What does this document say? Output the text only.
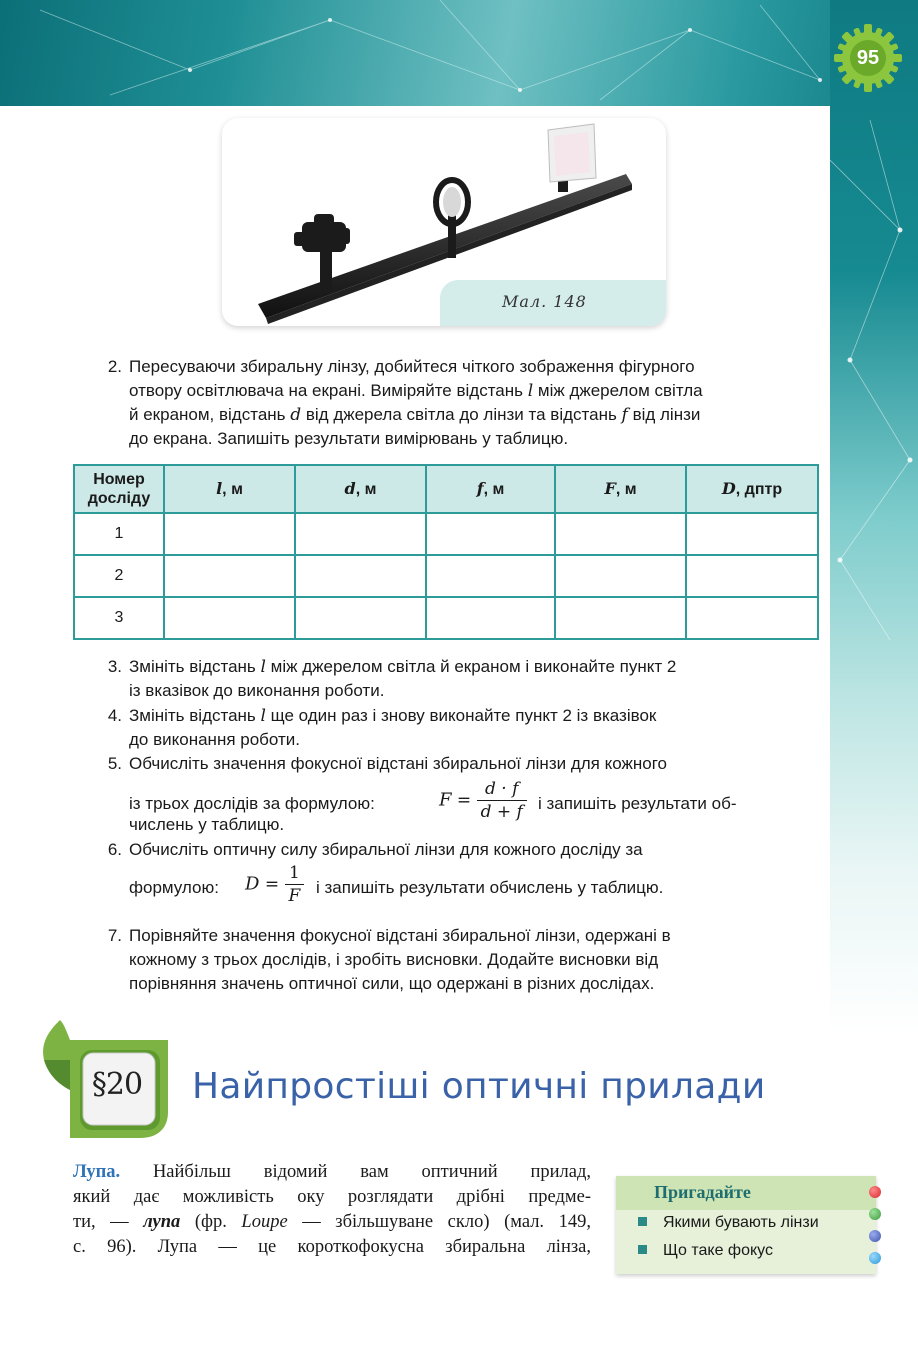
95
Мал. 148
2. Пересуваючи збиральну лінзу, добийтеся чіткого зображення фігурного
отвору освітлювача на екрані. Виміряйте відстань l між джерелом світла
й екраном, відстань d від джерела світла до лінзи та відстань f від лінзи
до екрана. Запишіть результати вимірювань у таблицю.
Номер досліду	l, м	d, м	f, м	F, м	D, дптр
1					
2					
3					
3. Змініть відстань l між джерелом світла й екраном і виконайте пункт 2
із вказівок до виконання роботи.
4. Змініть відстань l ще один раз і знову виконайте пункт 2 із вказівок
до виконання роботи.
5. Обчисліть значення фокусної відстані збиральної лінзи для кожного
із трьох дослідів за формулою:	$F = \frac{d \cdot f}{d + f}$ і запишіть результати об-
числень у таблицю.
6. Обчисліть оптичну силу збиральної лінзи для кожного досліду за
формулою: $D = \frac{1}{F}$ і запишіть результати обчислень у таблицю.
7. Порівняйте значення фокусної відстані збиральної лінзи, одержані в
кожному з трьох дослідів, і зробіть висновки. Додайте висновки від
порівняння значень оптичної сили, що одержані в різних дослідах.
§20 Найпростіші оптичні прилади
Лупа. Найбільш відомий вам оптичний прилад,
який дає можливість оку розглядати дрібні предме-
ти, — лупа (фр. Loupe — збільшуване скло) (мал. 149,
с. 96). Лупа — це короткофокусна збиральна лінза,
Пригадайте
Якими бувають лінзи
Що таке фокус
